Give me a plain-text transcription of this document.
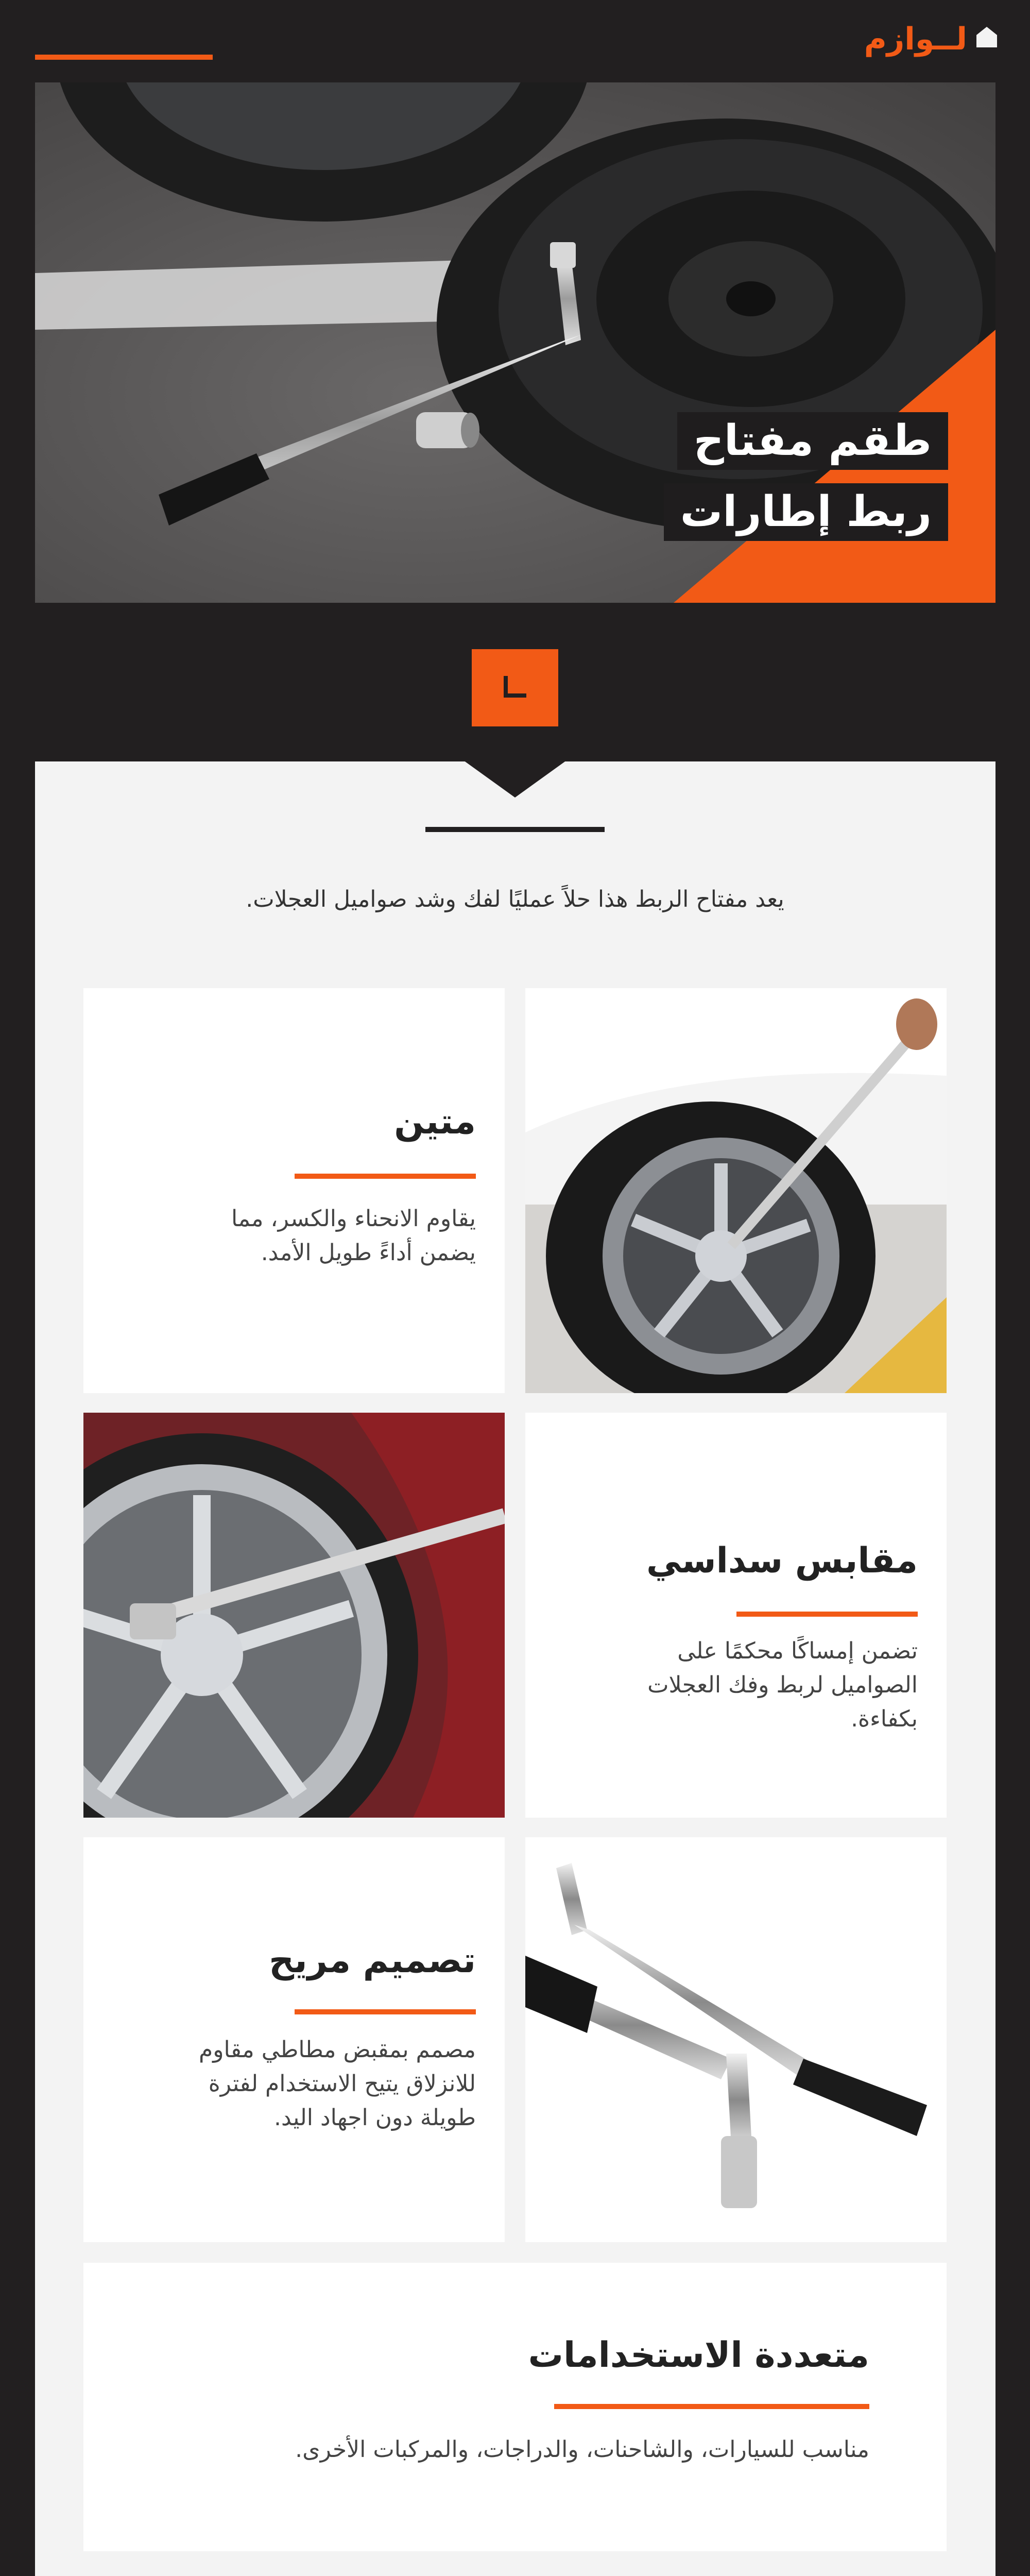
لــوازم
طقم مفتاح
ربط إطارات
يعد مفتاح الربط هذا حلاً عمليًا لفك وشد صواميل العجلات.
متين
يقاوم الانحناء والكسر، مما يضمن أداءً طويل الأمد.
مقابس سداسي
تضمن إمساكًا محكمًا على الصواميل لربط وفك العجلات بكفاءة.
تصميم مريح
مصمم بمقبض مطاطي مقاوم للانزلاق يتيح الاستخدام لفترة طويلة دون اجهاد اليد.
متعددة الاستخدامات
مناسب للسيارات، والشاحنات، والدراجات، والمركبات الأخرى.
